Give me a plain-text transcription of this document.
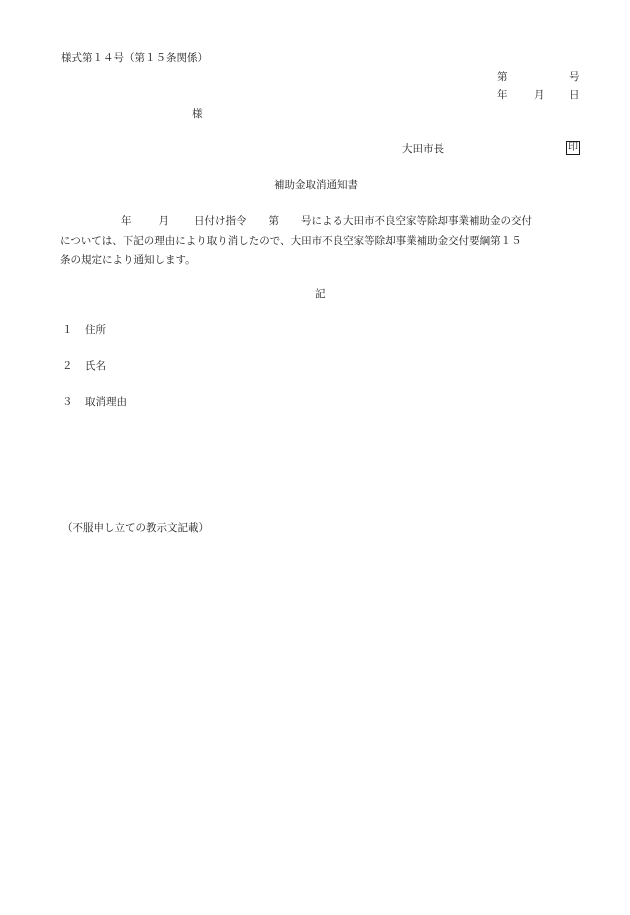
様式第１４号（第１５条関係）
第	号
年	月 日
様
大田市長	印
補助金取消通知書
年	月 日付け指令 第 号による大田市不良空家等除却事業補助金の交付
については、下記の理由により取り消したので、大田市不良空家等除却事業補助金交付要綱第１５
条の規定により通知します。
記
１ 住所
２ 氏名
３ 取消理由
（不服申し立ての教示文記載）
